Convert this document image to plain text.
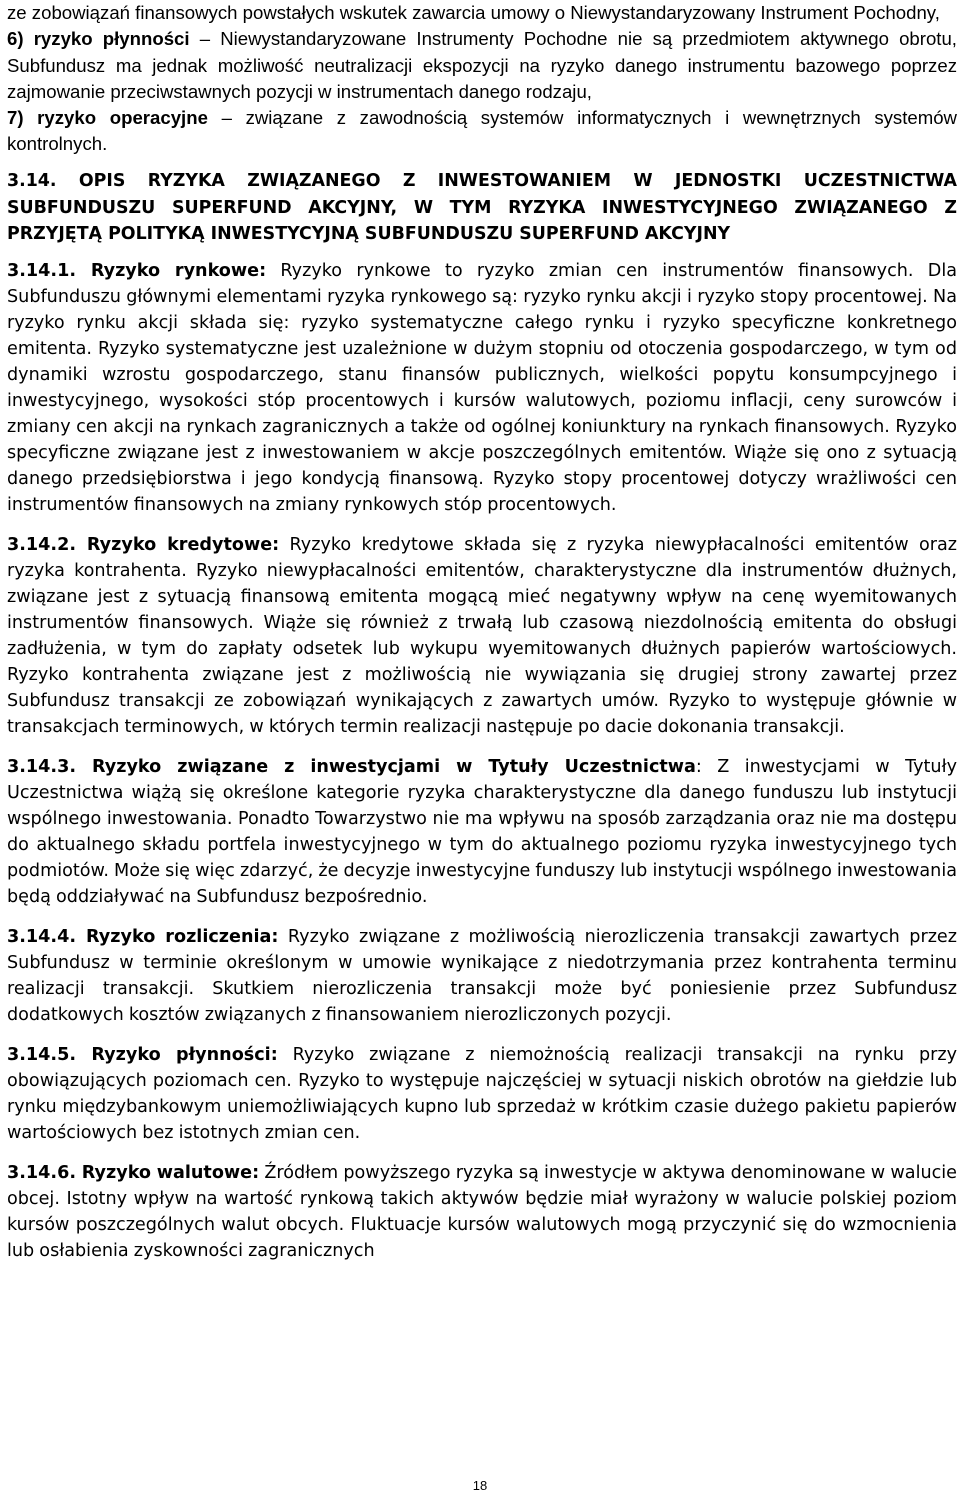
ze zobowiązań finansowych powstałych wskutek zawarcia umowy o Niewystandaryzowany Instrument Pochodny,

6) ryzyko płynności – Niewystandaryzowane Instrumenty Pochodne nie są przedmiotem aktywnego obrotu, Subfundusz ma jednak możliwość neutralizacji ekspozycji na ryzyko danego instrumentu bazowego poprzez zajmowanie przeciwstawnych pozycji w instrumentach danego rodzaju,

7) ryzyko operacyjne – związane z zawodnością systemów informatycznych i wewnętrznych systemów kontrolnych.

3.14. OPIS RYZYKA ZWIĄZANEGO Z INWESTOWANIEM W JEDNOSTKI UCZESTNICTWA SUBFUNDUSZU SUPERFUND AKCYJNY, W TYM RYZYKA INWESTYCYJNEGO ZWIĄZANEGO Z PRZYJĘTĄ POLITYKĄ INWESTYCYJNĄ SUBFUNDUSZU SUPERFUND AKCYJNY

3.14.1. Ryzyko rynkowe: Ryzyko rynkowe to ryzyko zmian cen instrumentów finansowych. Dla Subfunduszu głównymi elementami ryzyka rynkowego są: ryzyko rynku akcji i ryzyko stopy procentowej. Na ryzyko rynku akcji składa się: ryzyko systematyczne całego rynku i ryzyko specyficzne konkretnego emitenta. Ryzyko systematyczne jest uzależnione w dużym stopniu od otoczenia gospodarczego, w tym od dynamiki wzrostu gospodarczego, stanu finansów publicznych, wielkości popytu konsumpcyjnego i inwestycyjnego, wysokości stóp procentowych i kursów walutowych, poziomu inflacji, ceny surowców i zmiany cen akcji na rynkach zagranicznych a także od ogólnej koniunktury na rynkach finansowych. Ryzyko specyficzne związane jest z inwestowaniem w akcje poszczególnych emitentów. Wiąże się ono z sytuacją danego przedsiębiorstwa i jego kondycją finansową. Ryzyko stopy procentowej dotyczy wrażliwości cen instrumentów finansowych na zmiany rynkowych stóp procentowych.

3.14.2. Ryzyko kredytowe: Ryzyko kredytowe składa się z ryzyka niewypłacalności emitentów oraz ryzyka kontrahenta. Ryzyko niewypłacalności emitentów, charakterystyczne dla instrumentów dłużnych, związane jest z sytuacją finansową emitenta mogącą mieć negatywny wpływ na cenę wyemitowanych instrumentów finansowych. Wiąże się również z trwałą lub czasową niezdolnością emitenta do obsługi zadłużenia, w tym do zapłaty odsetek lub wykupu wyemitowanych dłużnych papierów wartościowych. Ryzyko kontrahenta związane jest z możliwością nie wywiązania się drugiej strony zawartej przez Subfundusz transakcji ze zobowiązań wynikających z zawartych umów. Ryzyko to występuje głównie w transakcjach terminowych, w których termin realizacji następuje po dacie dokonania transakcji.

3.14.3. Ryzyko związane z inwestycjami w Tytuły Uczestnictwa: Z inwestycjami w Tytuły Uczestnictwa wiążą się określone kategorie ryzyka charakterystyczne dla danego funduszu lub instytucji wspólnego inwestowania. Ponadto Towarzystwo nie ma wpływu na sposób zarządzania oraz nie ma dostępu do aktualnego składu portfela inwestycyjnego w tym do aktualnego poziomu ryzyka inwestycyjnego tych podmiotów. Może się więc zdarzyć, że decyzje inwestycyjne funduszy lub instytucji wspólnego inwestowania będą oddziaływać na Subfundusz bezpośrednio.

3.14.4. Ryzyko rozliczenia: Ryzyko związane z możliwością nierozliczenia transakcji zawartych przez Subfundusz w terminie określonym w umowie wynikające z niedotrzymania przez kontrahenta terminu realizacji transakcji. Skutkiem nierozliczenia transakcji może być poniesienie przez Subfundusz dodatkowych kosztów związanych z finansowaniem nierozliczonych pozycji.

3.14.5. Ryzyko płynności: Ryzyko związane z niemożnością realizacji transakcji na rynku przy obowiązujących poziomach cen. Ryzyko to występuje najczęściej w sytuacji niskich obrotów na giełdzie lub rynku międzybankowym uniemożliwiających kupno lub sprzedaż w krótkim czasie dużego pakietu papierów wartościowych bez istotnych zmian cen.

3.14.6. Ryzyko walutowe: Źródłem powyższego ryzyka są inwestycje w aktywa denominowane w walucie obcej. Istotny wpływ na wartość rynkową takich aktywów będzie miał wyrażony w walucie polskiej poziom kursów poszczególnych walut obcych. Fluktuacje kursów walutowych mogą przyczynić się do wzmocnienia lub osłabienia zyskowności zagranicznych

18
